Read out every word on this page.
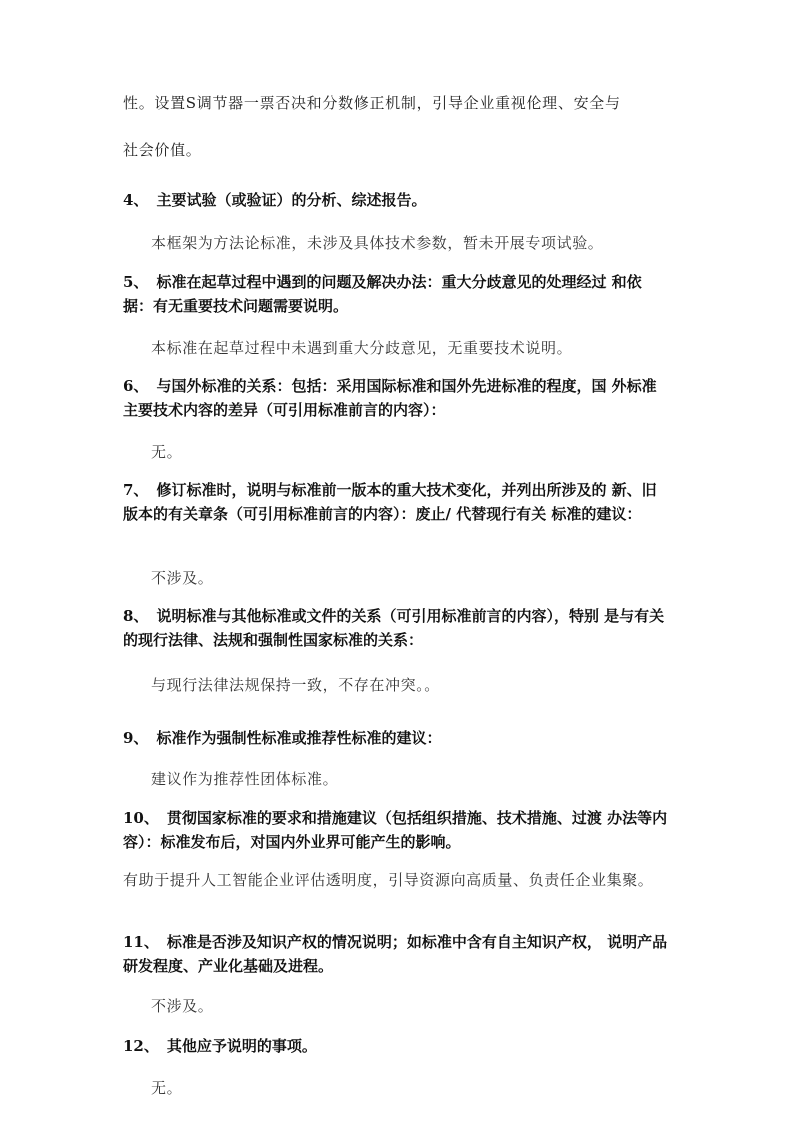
性。设置S调节器一票否决和分数修正机制，引导企业重视伦理、安全与
社会价值。
4、 主要试验（或验证）的分析、综述报告。
本框架为方法论标准，未涉及具体技术参数，暂未开展专项试验。
5、 标准在起草过程中遇到的问题及解决办法：重大分歧意见的处理经过 和依据：有无重要技术问题需要说明。
本标准在起草过程中未遇到重大分歧意见，无重要技术说明。
6、 与国外标准的关系：包括：采用国际标准和国外先进标准的程度，国 外标准主要技术内容的差异（可引用标准前言的内容）：
无。
7、 修订标准时，说明与标准前一版本的重大技术变化，并列出所涉及的 新、旧版本的有关章条（可引用标准前言的内容）：废止/ 代替现行有关 标准的建议：
不涉及。
8、 说明标准与其他标准或文件的关系（可引用标准前言的内容），特别 是与有关的现行法律、法规和强制性国家标准的关系：
与现行法律法规保持一致，不存在冲突。。
9、 标准作为强制性标准或推荐性标准的建议：
建议作为推荐性团体标准。
10、 贯彻国家标准的要求和措施建议（包括组织措施、技术措施、过渡 办法等内容）：标准发布后，对国内外业界可能产生的影响。
有助于提升人工智能企业评估透明度，引导资源向高质量、负责任企业集聚。
11、 标准是否涉及知识产权的情况说明；如标准中含有自主知识产权， 说明产品研发程度、产业化基础及进程。
不涉及。
12、 其他应予说明的事项。
无。
